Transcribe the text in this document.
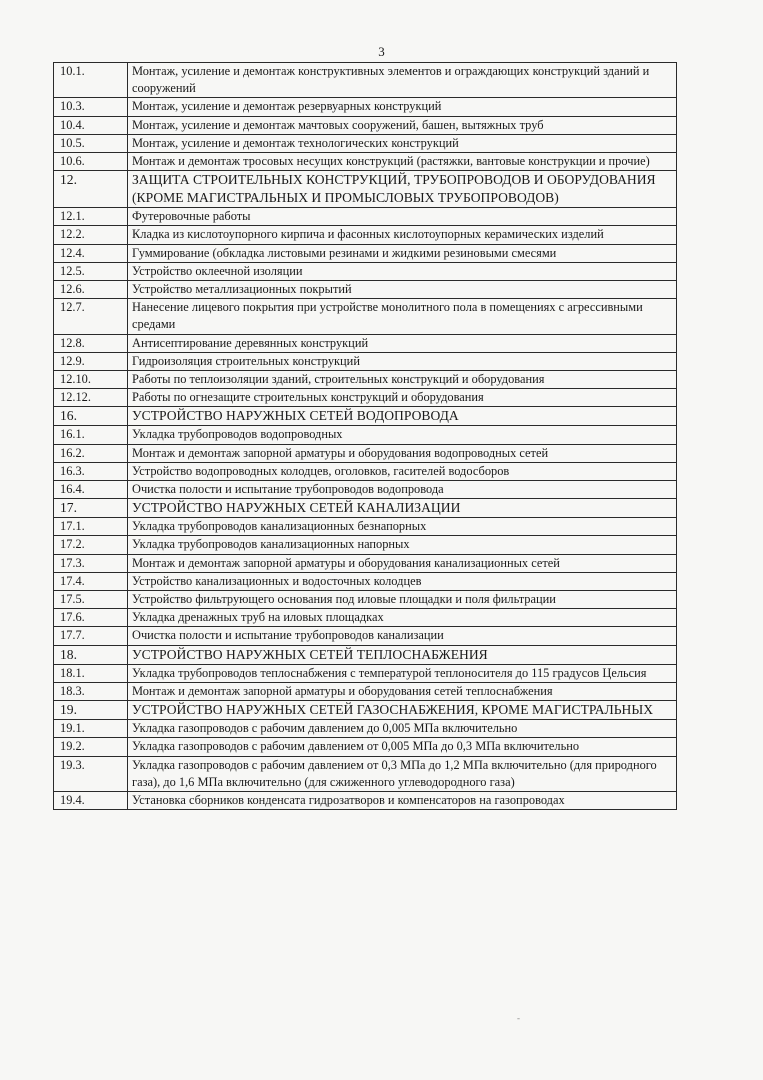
3
10.1.	Монтаж, усиление и демонтаж конструктивных элементов и ограждающих конструкций зданий и сооружений
10.3.	Монтаж, усиление и демонтаж резервуарных конструкций
10.4.	Монтаж, усиление и демонтаж мачтовых сооружений, башен, вытяжных труб
10.5.	Монтаж, усиление и демонтаж технологических конструкций
10.6.	Монтаж и демонтаж тросовых несущих конструкций (растяжки, вантовые конструкции и прочие)
12.	ЗАЩИТА СТРОИТЕЛЬНЫХ КОНСТРУКЦИЙ, ТРУБОПРОВОДОВ И ОБОРУДОВАНИЯ (КРОМЕ МАГИСТРАЛЬНЫХ И ПРОМЫСЛОВЫХ ТРУБОПРОВОДОВ)
12.1.	Футеровочные работы
12.2.	Кладка из кислотоупорного кирпича и фасонных кислотоупорных керамических изделий
12.4.	Гуммирование (обкладка листовыми резинами и жидкими резиновыми смесями
12.5.	Устройство оклеечной изоляции
12.6.	Устройство металлизационных покрытий
12.7.	Нанесение лицевого покрытия при устройстве монолитного пола в помещениях с агрессивными средами
12.8.	Антисептирование деревянных конструкций
12.9.	Гидроизоляция строительных конструкций
12.10.	Работы по теплоизоляции зданий, строительных конструкций и оборудования
12.12.	Работы по огнезащите строительных конструкций и оборудования
16.	УСТРОЙСТВО НАРУЖНЫХ СЕТЕЙ ВОДОПРОВОДА
16.1.	Укладка трубопроводов водопроводных
16.2.	Монтаж и демонтаж запорной арматуры и оборудования водопроводных сетей
16.3.	Устройство водопроводных колодцев, оголовков, гасителей водосборов
16.4.	Очистка полости и испытание трубопроводов водопровода
17.	УСТРОЙСТВО НАРУЖНЫХ СЕТЕЙ КАНАЛИЗАЦИИ
17.1.	Укладка трубопроводов канализационных безнапорных
17.2.	Укладка трубопроводов канализационных напорных
17.3.	Монтаж и демонтаж запорной арматуры и оборудования канализационных сетей
17.4.	Устройство канализационных и водосточных колодцев
17.5.	Устройство фильтрующего основания под иловые площадки и поля фильтрации
17.6.	Укладка дренажных труб на иловых площадках
17.7.	Очистка полости и испытание трубопроводов канализации
18.	УСТРОЙСТВО НАРУЖНЫХ СЕТЕЙ ТЕПЛОСНАБЖЕНИЯ
18.1.	Укладка трубопроводов теплоснабжения с температурой теплоносителя до 115 градусов Цельсия
18.3.	Монтаж и демонтаж запорной арматуры и оборудования сетей теплоснабжения
19.	УСТРОЙСТВО НАРУЖНЫХ СЕТЕЙ ГАЗОСНАБЖЕНИЯ, КРОМЕ МАГИСТРАЛЬНЫХ
19.1.	Укладка газопроводов с рабочим давлением до 0,005 МПа включительно
19.2.	Укладка газопроводов с рабочим давлением от 0,005 МПа до 0,3 МПа включительно
19.3.	Укладка газопроводов с рабочим давлением от 0,3 МПа до 1,2 МПа включительно (для природного газа), до 1,6 МПа включительно (для сжиженного углеводородного газа)
19.4.	Установка сборников конденсата гидрозатворов и компенсаторов на газопроводах
-
